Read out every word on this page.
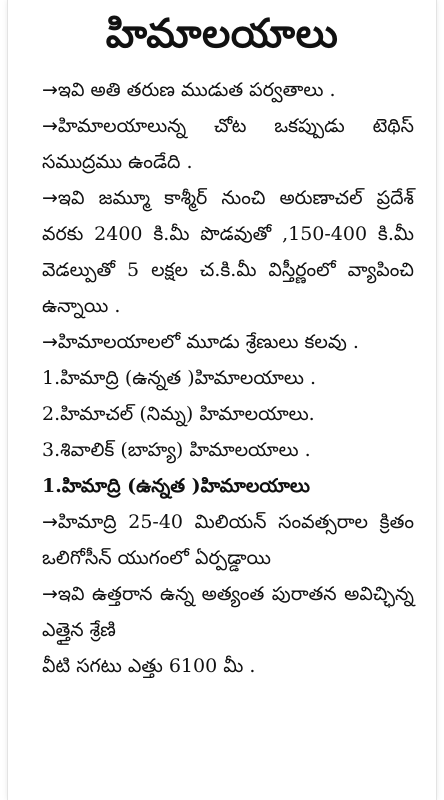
హిమాలయాలు

→ఇవి అతి తరుణ ముడుత పర్వతాలు .

→హిమాలయాలున్న చోట ఒకప్పుడు టెథిస్ సముద్రము ఉండేది .

→ఇవి జమ్మూ కాశ్మీర్ నుంచి అరుణాచల్ ప్రదేశ్ వరకు 2400 కి.మీ పొడవుతో ,150-400 కి.మీ వెడల్పుతో 5 లక్షల చ.కి.మీ విస్తీర్ణంలో వ్యాపించి ఉన్నాయి .

→హిమాలయాలలో మూడు శ్రేణులు కలవు .

1.హిమాద్రి (ఉన్నత )హిమాలయాలు .

2.హిమాచల్ (నిమ్న) హిమాలయాలు.

3.శివాలిక్ (బాహ్య) హిమాలయాలు .

1.హిమాద్రి (ఉన్నత )హిమాలయాలు

→హిమాద్రి 25-40 మిలియన్ సంవత్సరాల క్రితం ఒలిగోసీన్ యుగంలో ఏర్పడ్డాయి

→ఇవి ఉత్తరాన ఉన్న అత్యంత పురాతన అవిచ్ఛిన్న ఎత్తైన శ్రేణి

వీటి సగటు ఎత్తు 6100 మీ .
